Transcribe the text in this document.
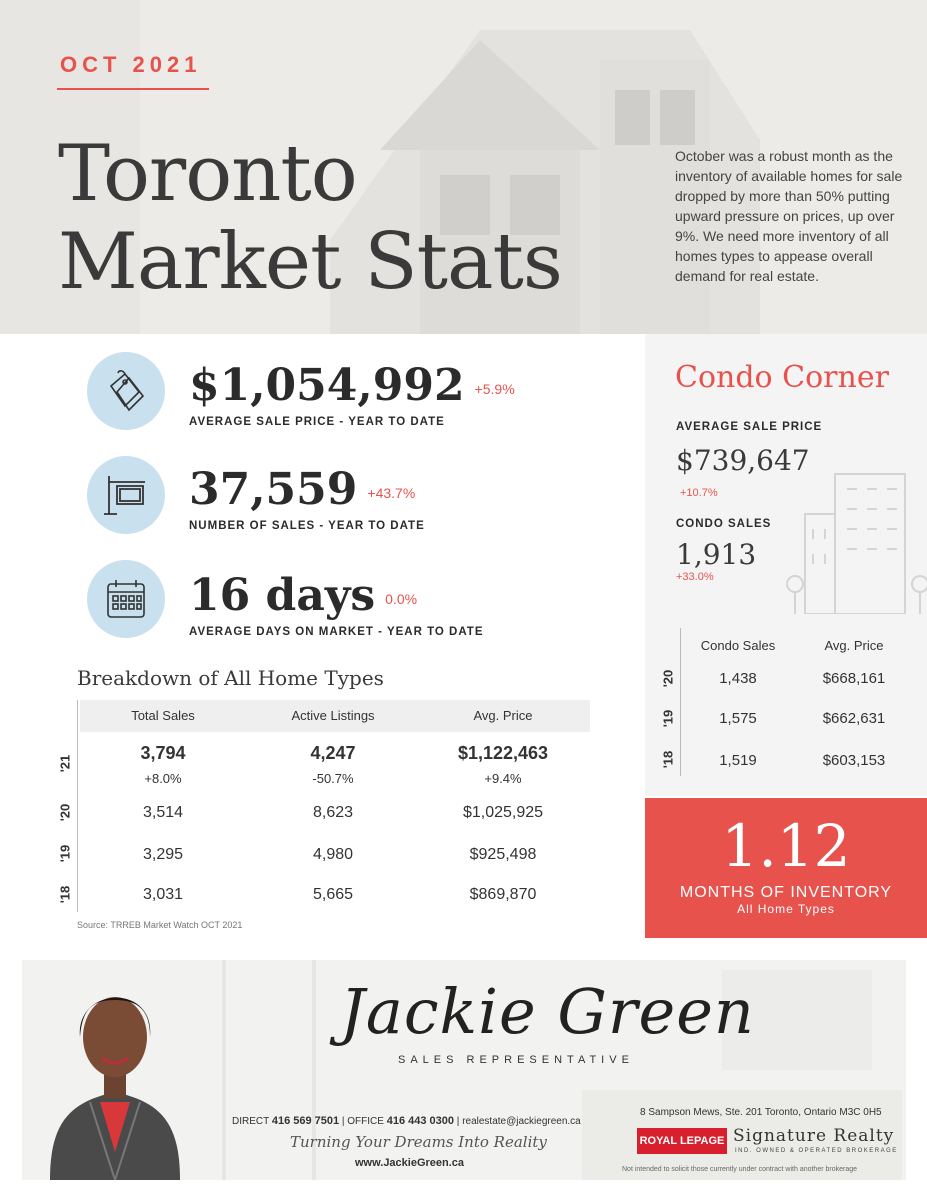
OCT 2021
Toronto
Market Stats
October was a robust month as the inventory of available homes for sale dropped by more than 50% putting upward pressure on prices, up over 9%. We need more inventory of all homes types to appease overall demand for real estate.
$1,054,992 +5.9%
AVERAGE SALE PRICE - YEAR TO DATE
37,559 +43.7%
NUMBER OF SALES - YEAR TO DATE
16 days 0.0%
AVERAGE DAYS ON MARKET - YEAR TO DATE
Breakdown of All Home Types
Total Sales	Active Listings	Avg. Price
'21
3,794	4,247	$1,122,463
+8.0%	-50.7%	+9.4%
'20	3,514	8,623	$1,025,925
'19	3,295	4,980	$925,498
'18	3,031	5,665	$869,870
Source: TRREB Market Watch OCT 2021
Condo Corner
AVERAGE SALE PRICE
$739,647
+10.7%
CONDO SALES
1,913
+33.0%
Condo Sales	Avg. Price
'20	1,438	$668,161
'19	1,575	$662,631
'18	1,519	$603,153
1.12
MONTHS OF INVENTORY
All Home Types
Jackie Green
SALES REPRESENTATIVE
DIRECT 416 569 7501 | OFFICE 416 443 0300 | realestate@jackiegreen.ca
Turning Your Dreams Into Reality
www.JackieGreen.ca
8 Sampson Mews, Ste. 201 Toronto, Ontario M3C 0H5
ROYAL LEPAGE Signature Realty
IND. OWNED & OPERATED BROKERAGE
Not intended to solicit those currently under contract with another brokerage
